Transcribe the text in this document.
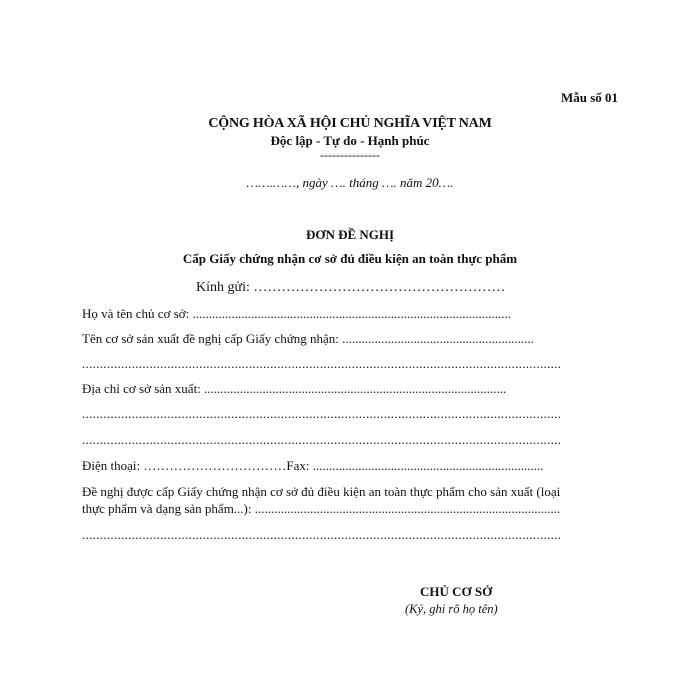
Mẫu số 01
CỘNG HÒA XÃ HỘI CHỦ NGHĨA VIỆT NAM
Độc lập - Tự do - Hạnh phúc
---------------
…….……, ngày …. tháng …. năm 20….
ĐƠN ĐỀ NGHỊ
Cấp Giấy chứng nhận cơ sở đủ điều kiện an toàn thực phẩm
Kính gửi: ………………………………………………
Họ và tên chủ cơ sở: ..................................................................................................
Tên cơ sở sản xuất đề nghị cấp Giấy chứng nhận: ...........................................................
.......................................................................................................................................
Địa chỉ cơ sở sản xuất: .............................................................................................
.......................................................................................................................................
.......................................................................................................................................
Điện thoại: ……………………………Fax: .......................................................................
Đề nghị được cấp Giấy chứng nhận cơ sở đủ điều kiện an toàn thực phẩm cho sản xuất (loại thực phẩm và dạng sản phẩm...): ..............................................................................................
.......................................................................................................................................
CHỦ CƠ SỞ
(Ký, ghi rõ họ tên)
